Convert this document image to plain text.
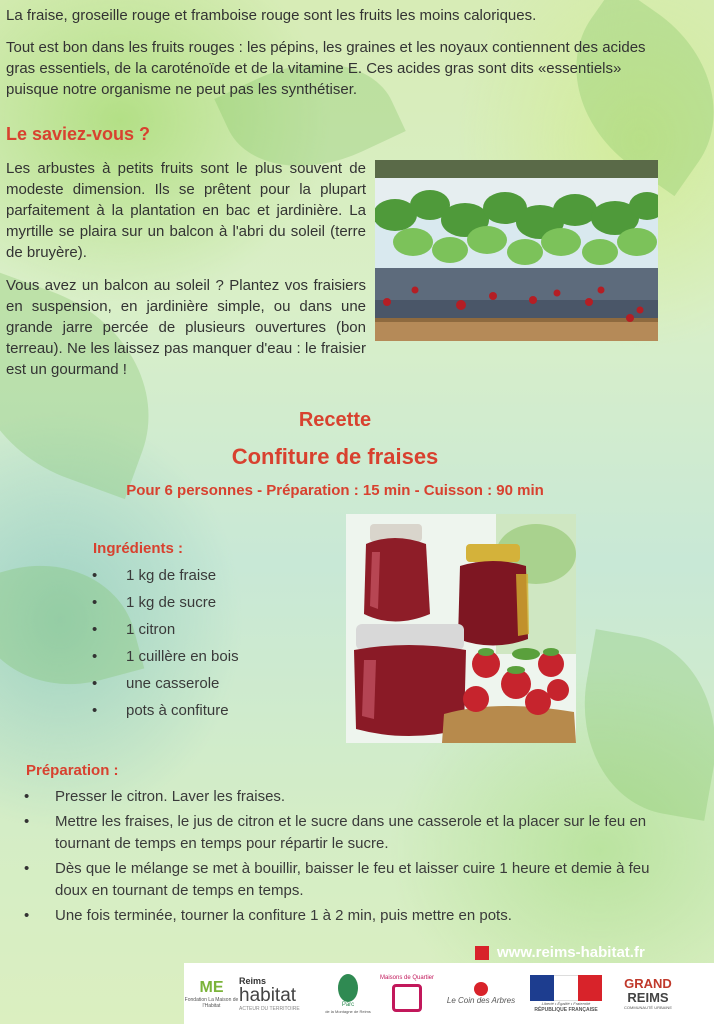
La fraise, groseille rouge et framboise rouge sont les fruits les moins caloriques.

Tout est bon dans les fruits rouges : les pépins, les graines et les noyaux contiennent des acides gras essentiels, de la caroténoïde et de la vitamine E. Ces acides gras sont dits «essentiels» puisque notre organisme ne peut pas les synthétiser.

Le saviez-vous ?

Les arbustes à petits fruits sont le plus souvent de modeste dimension. Ils se prêtent pour la plupart parfaitement à la plantation en bac et jardinière. La myrtille se plaira sur un balcon à l'abri du soleil (terre de bruyère).

Vous avez un balcon au soleil ? Plantez vos fraisiers en suspension, en jardinière simple, ou dans une grande jarre percée de plusieurs ouvertures (bon terreau). Ne les laissez pas manquer d'eau : le fraisier est un gourmand !

Recette
Confiture de fraises
Pour 6 personnes - Préparation : 15 min - Cuisson : 90 min
Ingrédients :
• 1 kg de fraise
• 1 kg de sucre
• 1 citron
• 1 cuillère en bois
• une casserole
• pots à confiture
Préparation :
• Presser le citron. Laver les fraises.
• Mettre les fraises, le jus de citron et le sucre dans une casserole et la placer sur le feu en tournant de temps en temps pour répartir le sucre.
• Dès que le mélange se met à bouillir, baisser le feu et laisser cuire 1 heure et demie à feu doux en tournant de temps en temps.
• Une fois terminée, tourner la confiture 1 à 2 min, puis mettre en pots.
www.reims-habitat.fr
ME
Fondation La Maison de l'Habitat
Reims
habitat
ACTEUR DU TERRITOIRE
Parc
de la Montagne de Reims
Maisons de Quartier
Le Coin des Arbres	Liberté • Égalité • Fraternité
RÉPUBLIQUE FRANÇAISE
GRAND
REIMS
COMMUNAUTÉ URBAINE
